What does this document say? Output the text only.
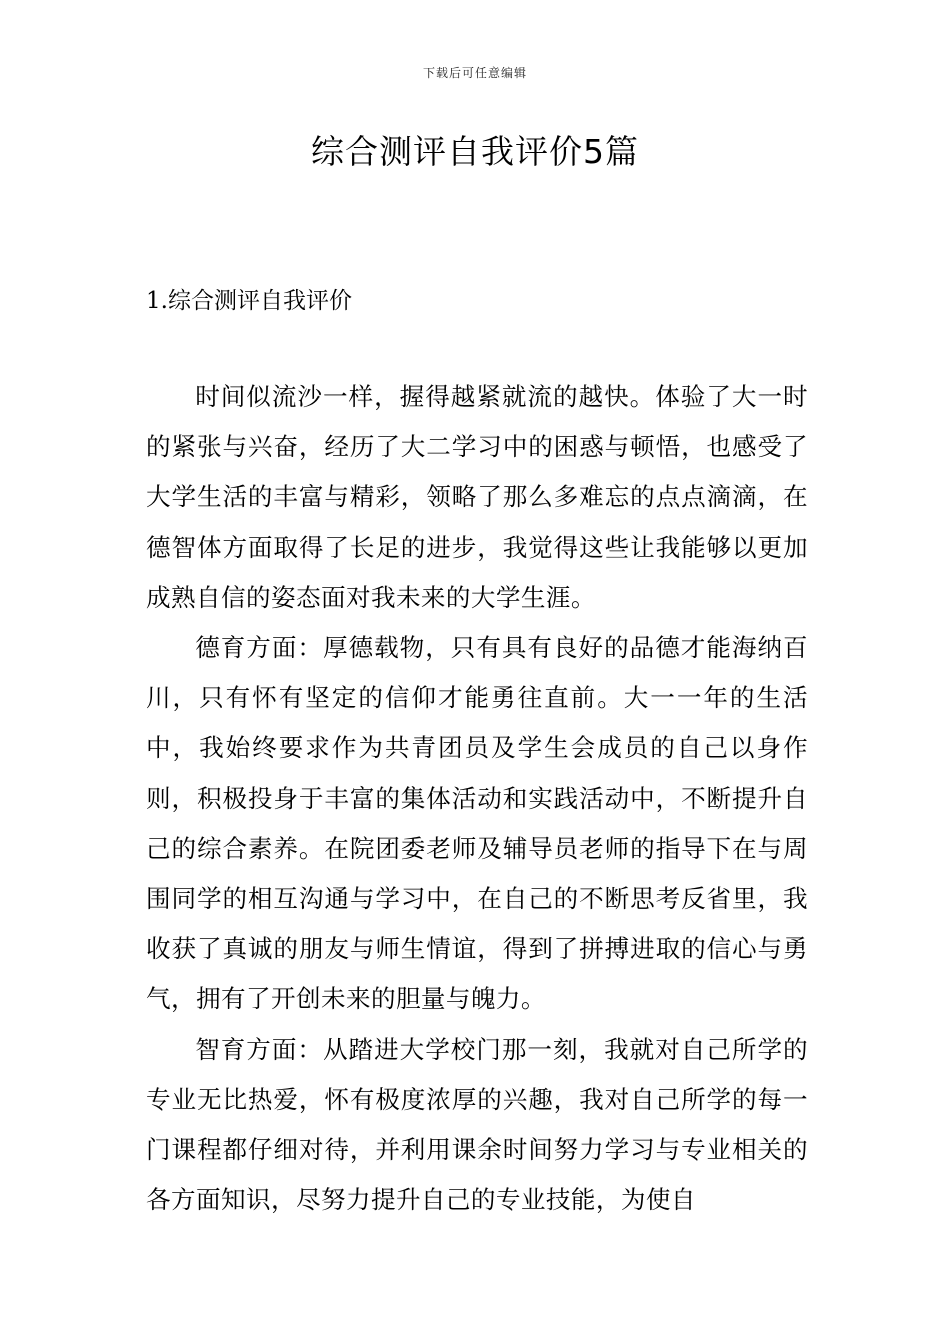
下载后可任意编辑
综合测评自我评价5篇
1.综合测评自我评价

时间似流沙一样，握得越紧就流的越快。体验了大一时的紧张与兴奋，经历了大二学习中的困惑与顿悟，也感受了大学生活的丰富与精彩，领略了那么多难忘的点点滴滴，在德智体方面取得了长足的进步，我觉得这些让我能够以更加成熟自信的姿态面对我未来的大学生涯。

德育方面：厚德载物，只有具有良好的品德才能海纳百川，只有怀有坚定的信仰才能勇往直前。大一一年的生活中，我始终要求作为共青团员及学生会成员的自己以身作则，积极投身于丰富的集体活动和实践活动中，不断提升自己的综合素养。在院团委老师及辅导员老师的指导下在与周围同学的相互沟通与学习中，在自己的不断思考反省里，我收获了真诚的朋友与师生情谊，得到了拼搏进取的信心与勇气，拥有了开创未来的胆量与魄力。

智育方面：从踏进大学校门那一刻，我就对自己所学的专业无比热爱，怀有极度浓厚的兴趣，我对自己所学的每一门课程都仔细对待，并利用课余时间努力学习与专业相关的各方面知识，尽努力提升自己的专业技能，为使自
